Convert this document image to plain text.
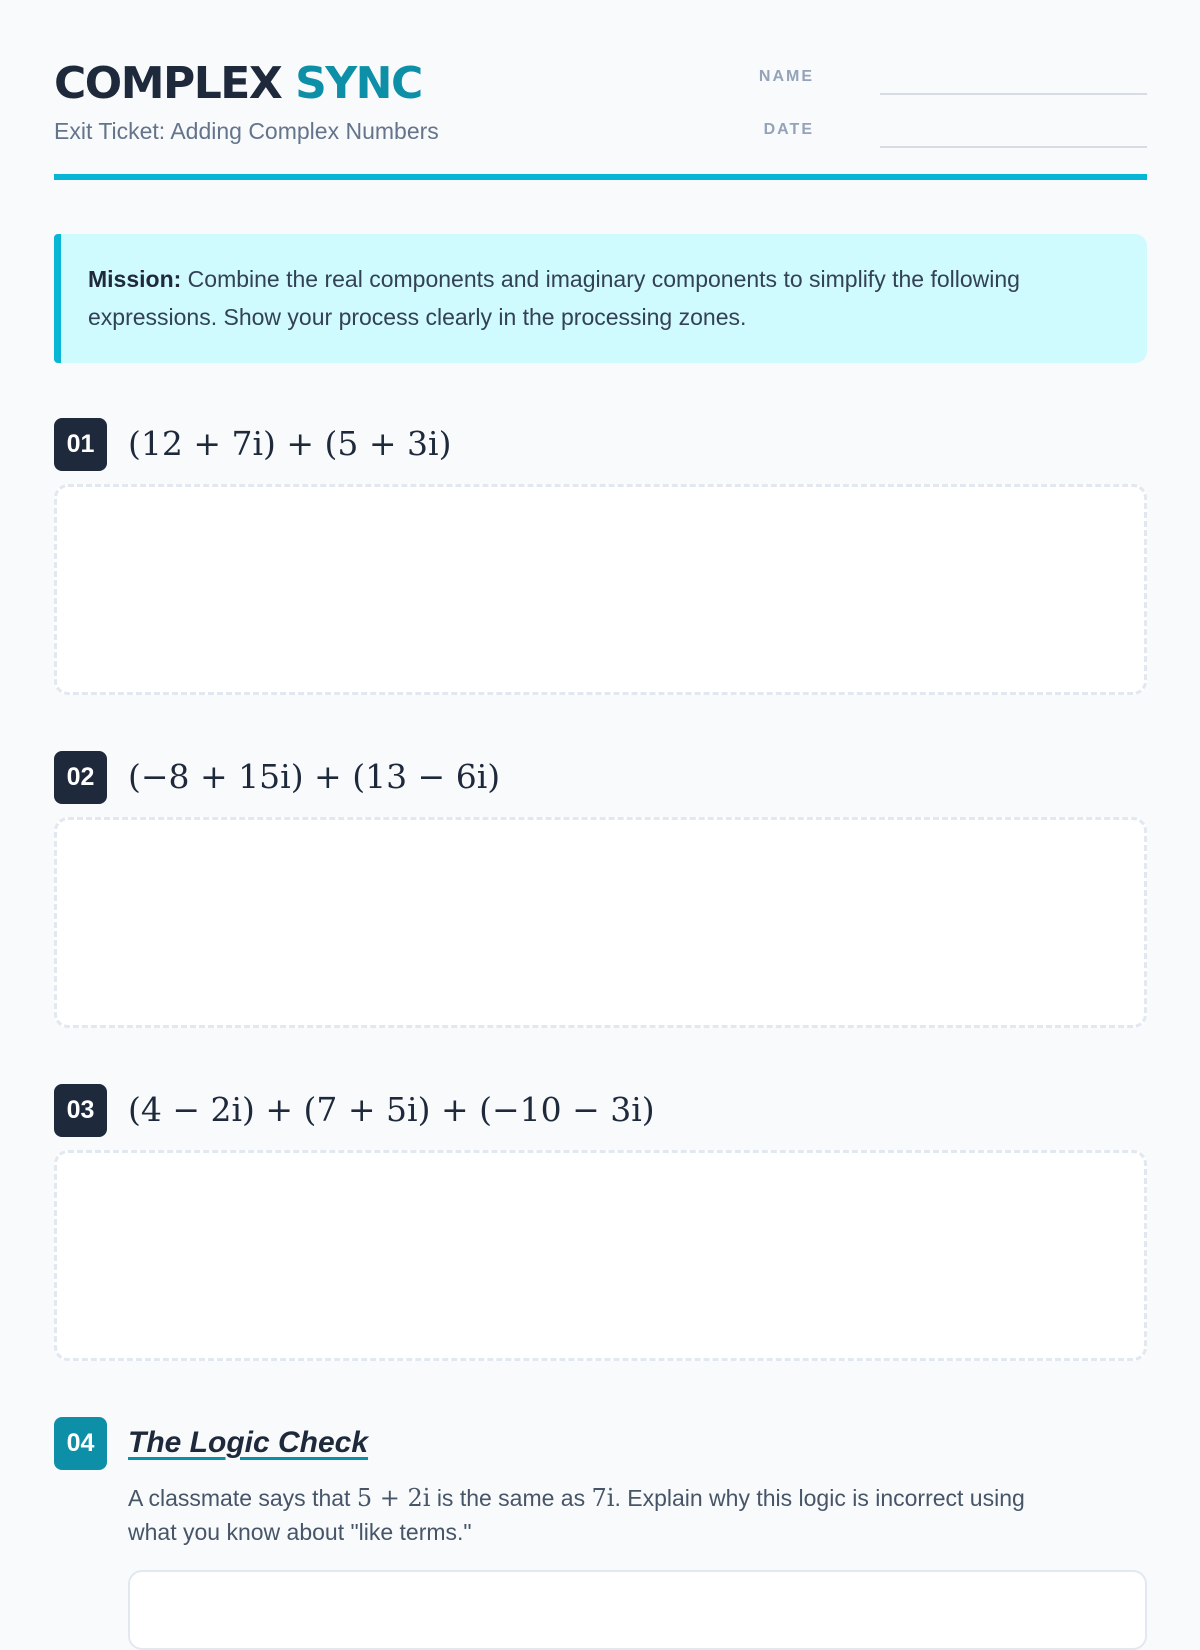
COMPLEX SYNC
Exit Ticket: Adding Complex Numbers
NAME
DATE
Mission: Combine the real components and imaginary components to simplify the following expressions. Show your process clearly in the processing zones.
01	(12 + 7i) + (5 + 3i)
02	(−8 + 15i) + (13 − 6i)
03	(4 − 2i) + (7 + 5i) + (−10 − 3i)
04	The Logic Check
A classmate says that 5 + 2i is the same as 7i. Explain why this logic is incorrect using what you know about "like terms."
